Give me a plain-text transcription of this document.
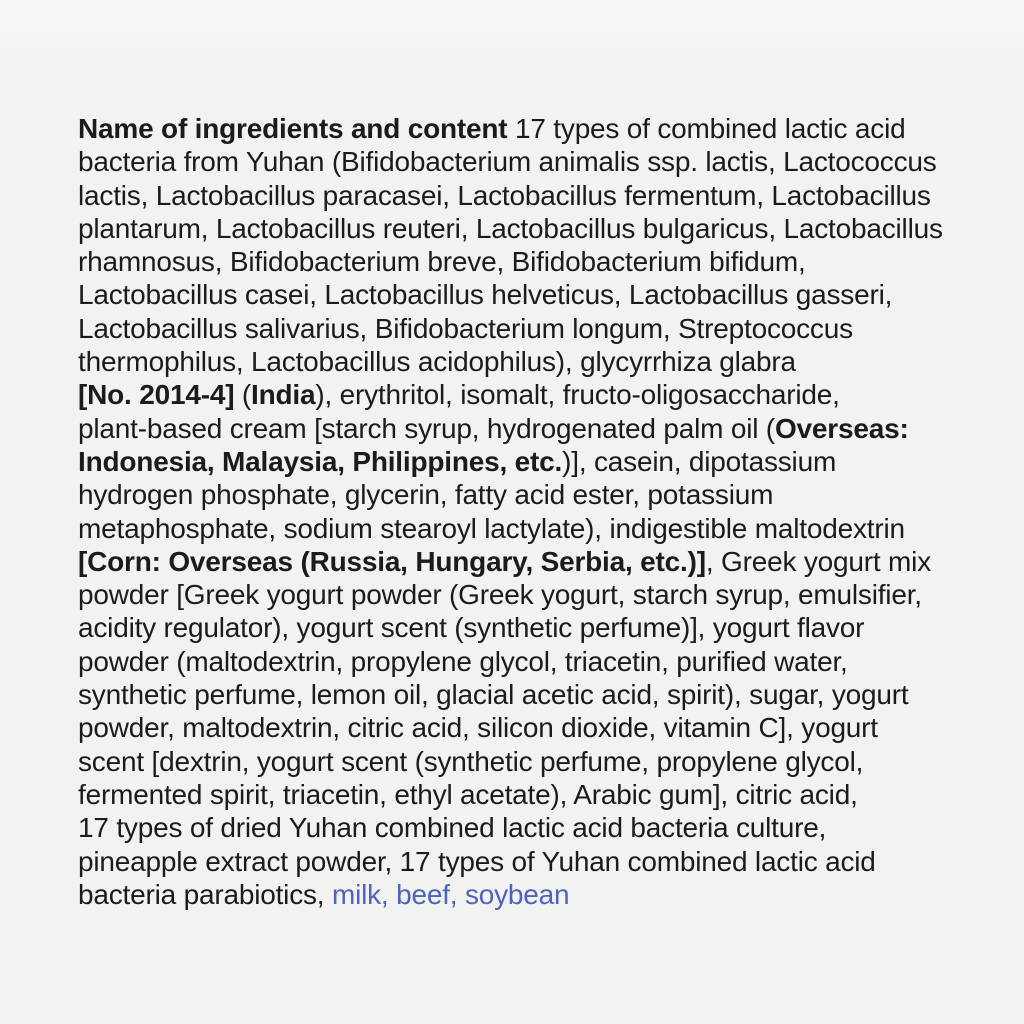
Name of ingredients and content 17 types of combined lactic acid
bacteria from Yuhan (Bifidobacterium animalis ssp. lactis, Lactococcus
lactis, Lactobacillus paracasei, Lactobacillus fermentum, Lactobacillus
plantarum, Lactobacillus reuteri, Lactobacillus bulgaricus, Lactobacillus
rhamnosus, Bifidobacterium breve, Bifidobacterium bifidum,
Lactobacillus casei, Lactobacillus helveticus, Lactobacillus gasseri,
Lactobacillus salivarius, Bifidobacterium longum, Streptococcus
thermophilus, Lactobacillus acidophilus), glycyrrhiza glabra
[No. 2014-4] (India), erythritol, isomalt, fructo-oligosaccharide,
plant-based cream [starch syrup, hydrogenated palm oil (Overseas:
Indonesia, Malaysia, Philippines, etc.)], casein, dipotassium
hydrogen phosphate, glycerin, fatty acid ester, potassium
metaphosphate, sodium stearoyl lactylate), indigestible maltodextrin
[Corn: Overseas (Russia, Hungary, Serbia, etc.)], Greek yogurt mix
powder [Greek yogurt powder (Greek yogurt, starch syrup, emulsifier,
acidity regulator), yogurt scent (synthetic perfume)], yogurt flavor
powder (maltodextrin, propylene glycol, triacetin, purified water,
synthetic perfume, lemon oil, glacial acetic acid, spirit), sugar, yogurt
powder, maltodextrin, citric acid, silicon dioxide, vitamin C], yogurt
scent [dextrin, yogurt scent (synthetic perfume, propylene glycol,
fermented spirit, triacetin, ethyl acetate), Arabic gum], citric acid,
17 types of dried Yuhan combined lactic acid bacteria culture,
pineapple extract powder, 17 types of Yuhan combined lactic acid
bacteria parabiotics, milk, beef, soybean
